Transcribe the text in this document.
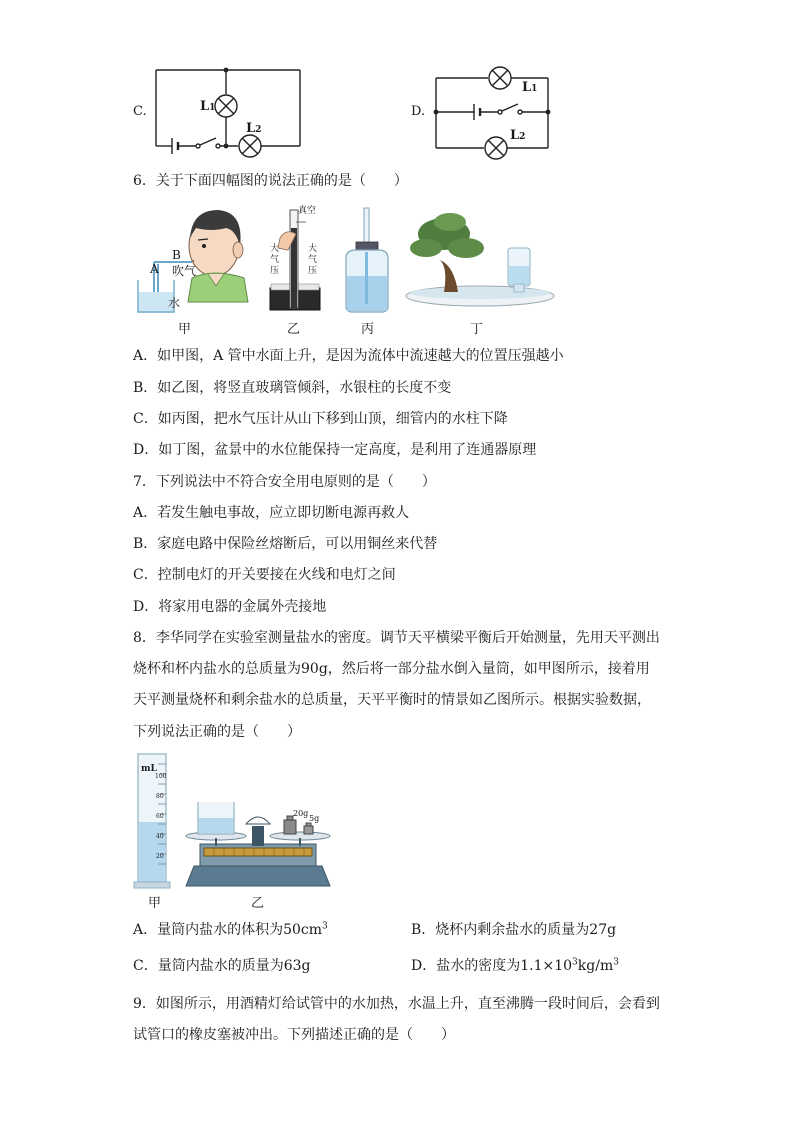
C.	L1
L2
D.
L1
L2
6．关于下面四幅图的说法正确的是（　　）
B
吹气
A
水
甲
真空
大气压
大气压
乙	丙	丁
A．如甲图，A 管中水面上升，是因为流体中流速越大的位置压强越小
B．如乙图，将竖直玻璃管倾斜，水银柱的长度不变
C．如丙图，把水气压计从山下移到山顶，细管内的水柱下降
D．如丁图，盆景中的水位能保持一定高度，是利用了连通器原理
7．下列说法中不符合安全用电原则的是（　　）
A．若发生触电事故，应立即切断电源再救人
B．家庭电路中保险丝熔断后，可以用铜丝来代替
C．控制电灯的开关要接在火线和电灯之间
D．将家用电器的金属外壳接地
8．李华同学在实验室测量盐水的密度。调节天平横梁平衡后开始测量，先用天平测出
烧杯和杯内盐水的总质量为90g，然后将一部分盐水倒入量筒，如甲图所示，接着用
天平测量烧杯和剩余盐水的总质量，天平平衡时的情景如乙图所示。根据实验数据，
下列说法正确的是（　　）
mL
100
80
60
40
20
甲
20g
5g
乙
A．量筒内盐水的体积为$50cm^3$	B．烧杯内剩余盐水的质量为27g
C．量筒内盐水的质量为63g	D．盐水的密度为$1.1\times 10^3kg/m^3$
9．如图所示，用酒精灯给试管中的水加热，水温上升，直至沸腾一段时间后，会看到
试管口的橡皮塞被冲出。下列描述正确的是（　　）
